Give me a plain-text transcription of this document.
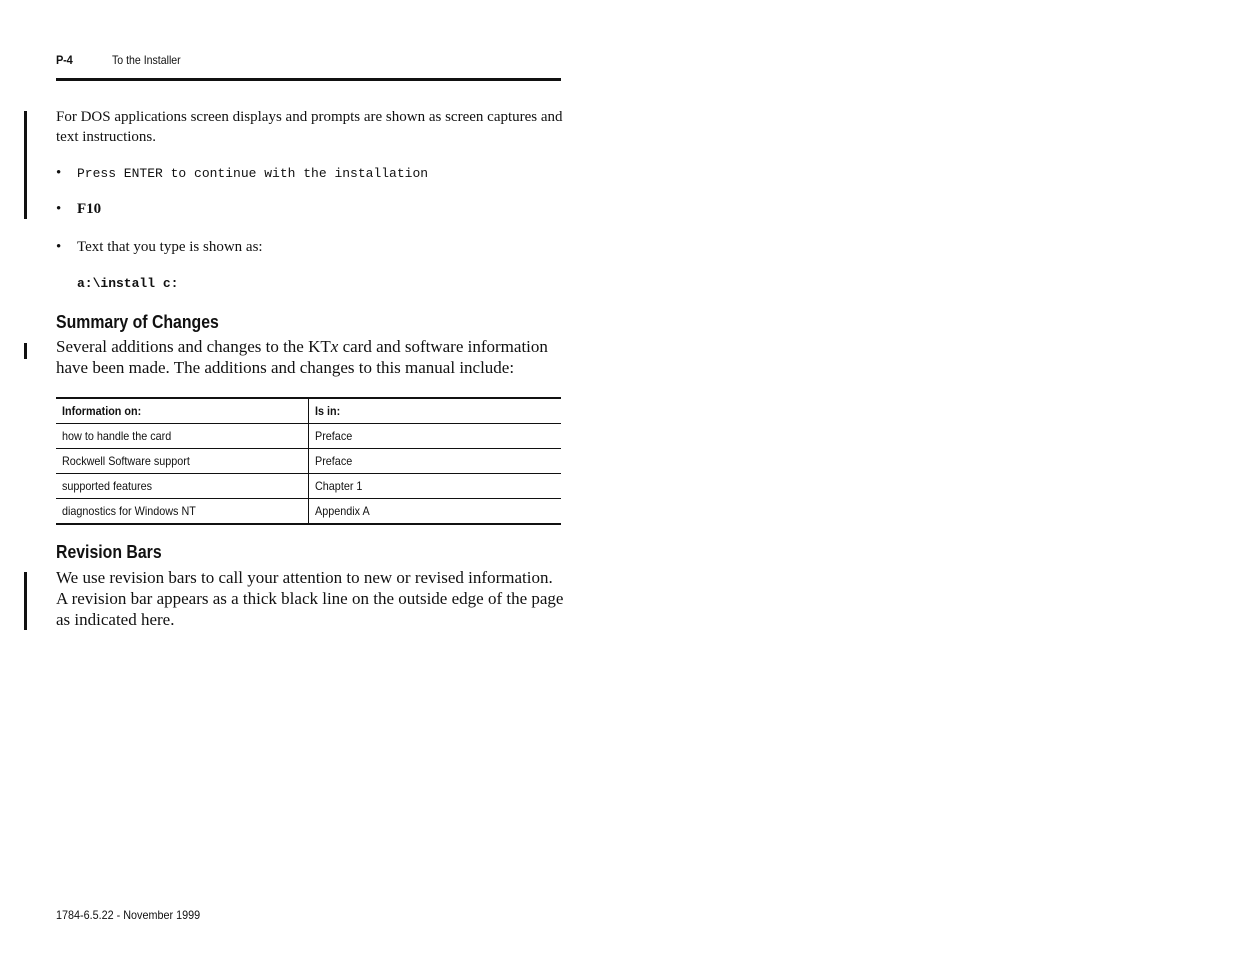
P-4	To the Installer
For DOS applications screen displays and prompts are shown as screen captures and text instructions.
• Press ENTER to continue with the installation
• F10
• Text that you type is shown as:
a:\install c:
Summary of Changes
Several additions and changes to the KTx card and software information have been made. The additions and changes to this manual include:
Information on:	Is in:
how to handle the card	Preface
Rockwell Software support	Preface
supported features	Chapter 1
diagnostics for Windows NT	Appendix A
Revision Bars
We use revision bars to call your attention to new or revised information. A revision bar appears as a thick black line on the outside edge of the page as indicated here.
1784-6.5.22 - November 1999
